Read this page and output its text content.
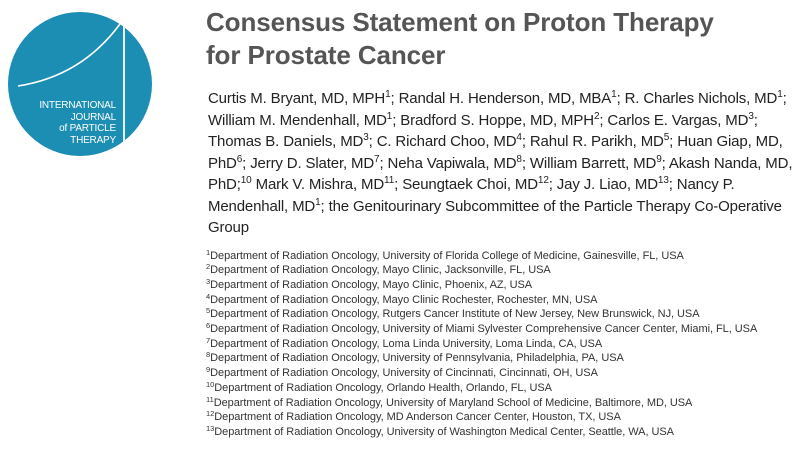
INTERNATIONAL
JOURNAL
of PARTICLE
THERAPY
Consensus Statement on Proton Therapy
for Prostate Cancer
Curtis M. Bryant, MD, MPH$^1$; Randal H. Henderson, MD, MBA$^1$; R. Charles Nichols, $MD^1$; William M. Mendenhall, $MD^1$; Bradford S. Hoppe, MD, MPH$^2$; Carlos E. Vargas, $MD^3$; Thomas B. Daniels, $MD^3$; C. Richard Choo, $MD^4$; Rahul R. Parikh, $MD^5$; Huan Giap, MD, PhD$^6$; Jerry D. Slater, $MD^7$; Neha Vapiwala, $MD^8$; William Barrett, $MD^9$; Akash Nanda, MD, PhD;$^{10}$ Mark V. Mishra, MD$^{11}$; Seungtaek Choi, MD$^{12}$; Jay J. Liao, MD$^{13}$; Nancy P. Mendenhall, $MD^1$; the Genitourinary Subcommittee of the Particle Therapy Co-Operative Group
$^1$Department of Radiation Oncology, University of Florida College of Medicine, Gainesville, FL, USA
$^2$Department of Radiation Oncology, Mayo Clinic, Jacksonville, FL, USA
$^3$Department of Radiation Oncology, Mayo Clinic, Phoenix, AZ, USA
$^4$Department of Radiation Oncology, Mayo Clinic Rochester, Rochester, MN, USA
$^5$Department of Radiation Oncology, Rutgers Cancer Institute of New Jersey, New Brunswick, NJ, USA
$^6$Department of Radiation Oncology, University of Miami Sylvester Comprehensive Cancer Center, Miami, FL, USA
$^7$Department of Radiation Oncology, Loma Linda University, Loma Linda, CA, USA
$^8$Department of Radiation Oncology, University of Pennsylvania, Philadelphia, PA, USA
$^9$Department of Radiation Oncology, University of Cincinnati, Cincinnati, OH, USA
$^{10}$Department of Radiation Oncology, Orlando Health, Orlando, FL, USA
$^{11}$Department of Radiation Oncology, University of Maryland School of Medicine, Baltimore, MD, USA
$^{12}$Department of Radiation Oncology, MD Anderson Cancer Center, Houston, TX, USA
$^{13}$Department of Radiation Oncology, University of Washington Medical Center, Seattle, WA, USA
